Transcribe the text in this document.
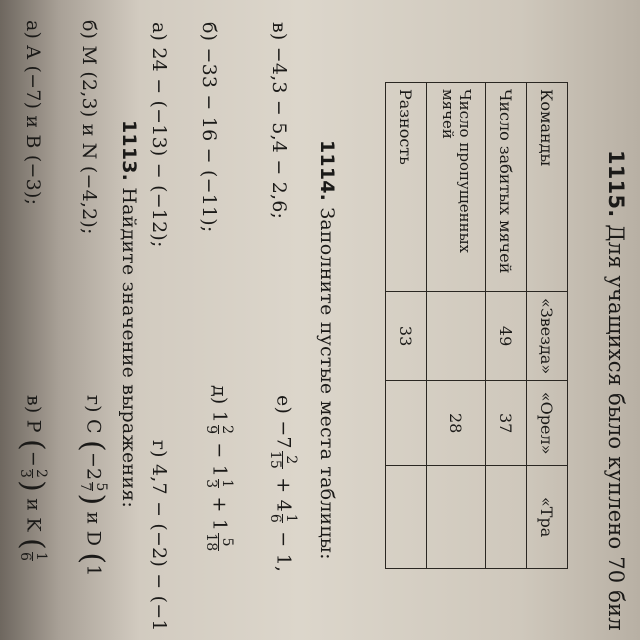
а) A (−7) и B (−3);
в) P (−
2
3
) и K (
1
6
б) M (2,3) и N (−4,2);
г) C (−2
5
7
) и D (1
1113. Найдите значение выражения:
а) 24 − (−13) − (−12);
г) 4,7 − (−2) − (−1
б) −33 − 16 − (−11);
д) 1
2
9
− 1
1
3
+ 1
5
18
в) −4,3 − 5,4 − 2,6;
е) −7
2
15
+ 4
1
6
− 1,
1114. Заполните пустые места таблицы:
Команды	«Звезда»	«Орел»	«Тра
Число забитых мячей	49	37	
Число пропущенных мячей		28	
Разность	33		
1115. Для учащихся было куплено 70 бил
